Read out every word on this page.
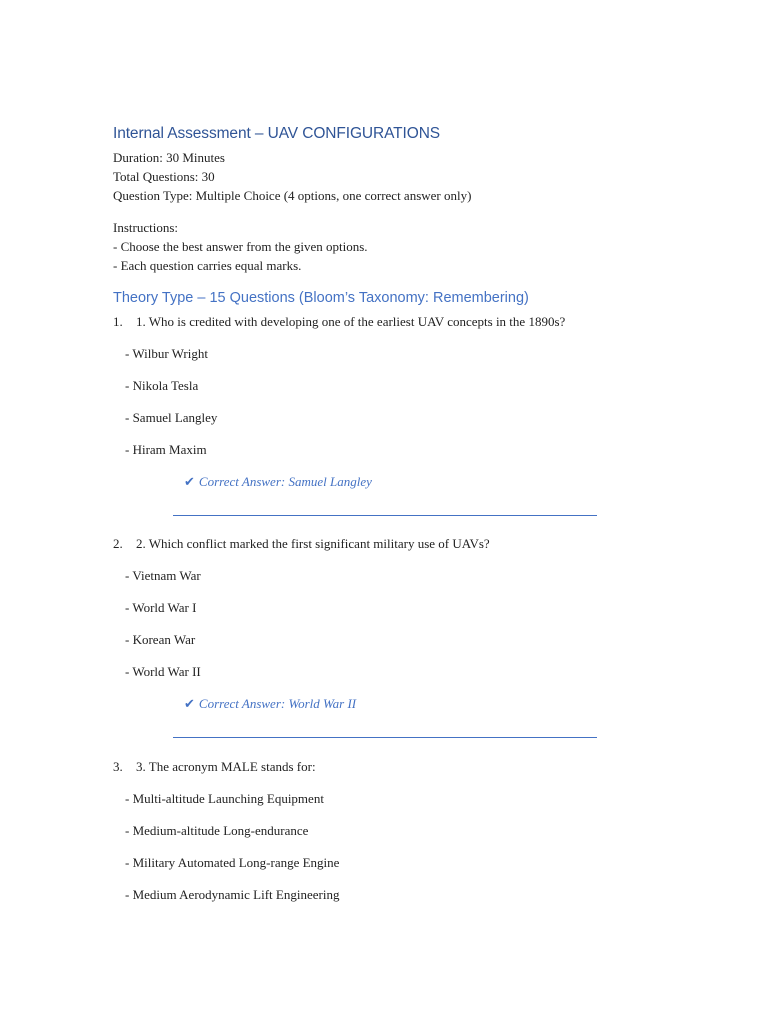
Internal Assessment – UAV CONFIGURATIONS
Duration: 30 Minutes
Total Questions: 30
Question Type: Multiple Choice (4 options, one correct answer only)
Instructions:
- Choose the best answer from the given options.
- Each question carries equal marks.
Theory Type – 15 Questions (Bloom’s Taxonomy: Remembering)
1. 1. Who is credited with developing one of the earliest UAV concepts in the 1890s?
- Wilbur Wright
- Nikola Tesla
- Samuel Langley
- Hiram Maxim
✔ Correct Answer: Samuel Langley
2. 2. Which conflict marked the first significant military use of UAVs?
- Vietnam War
- World War I
- Korean War
- World War II
✔ Correct Answer: World War II
3. 3. The acronym MALE stands for:
- Multi-altitude Launching Equipment
- Medium-altitude Long-endurance
- Military Automated Long-range Engine
- Medium Aerodynamic Lift Engineering
